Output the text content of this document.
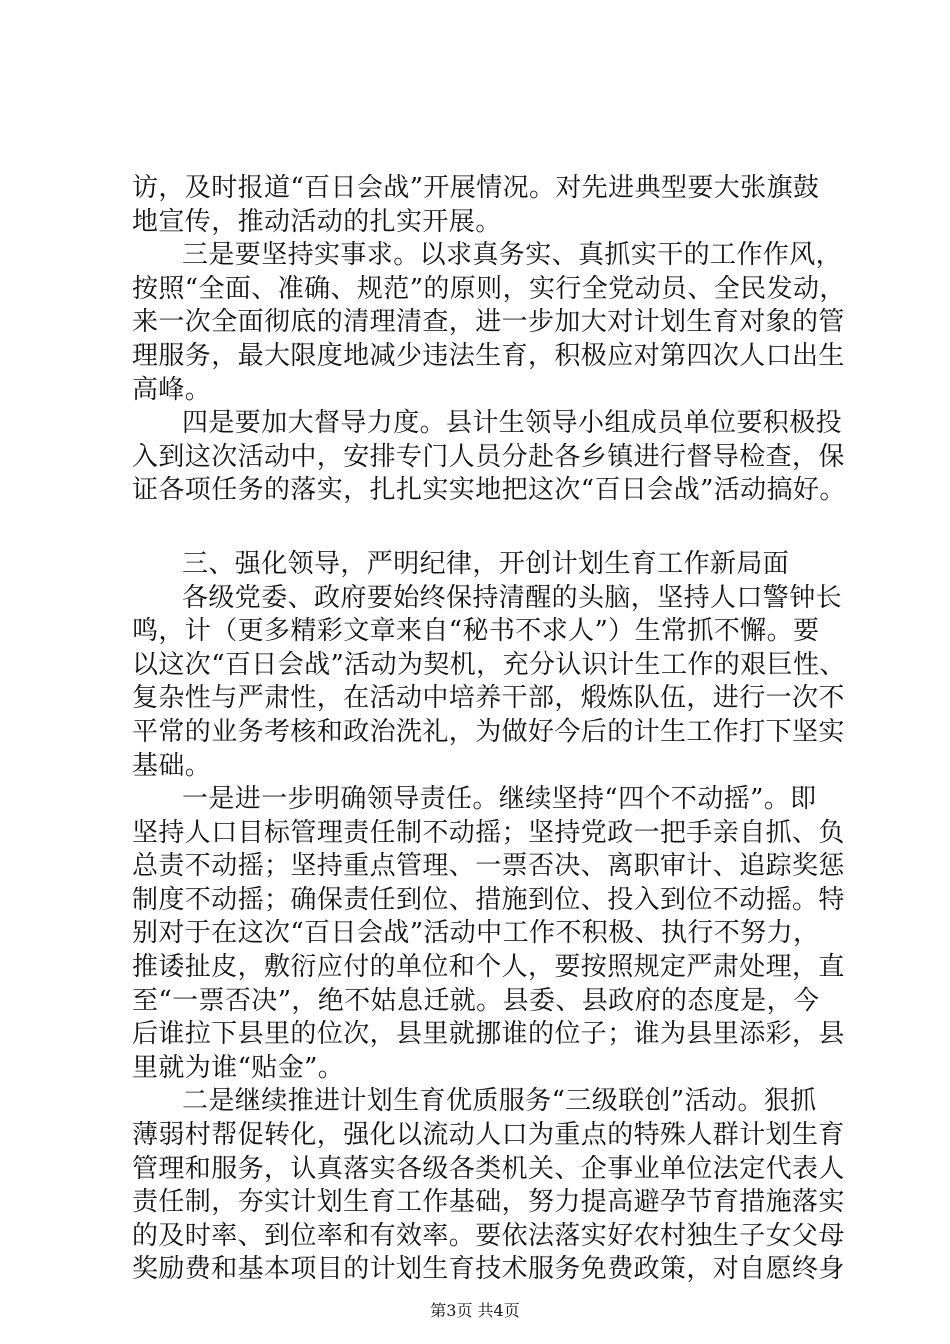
访，及时报道“百日会战”开展情况。对先进典型要大张旗鼓
地宣传，推动活动的扎实开展。
三是要坚持实事求。以求真务实、真抓实干的工作作风，
按照“全面、准确、规范”的原则，实行全党动员、全民发动，
来一次全面彻底的清理清查，进一步加大对计划生育对象的管
理服务，最大限度地减少违法生育，积极应对第四次人口出生
高峰。
四是要加大督导力度。县计生领导小组成员单位要积极投
入到这次活动中，安排专门人员分赴各乡镇进行督导检查，保
证各项任务的落实，扎扎实实地把这次“百日会战”活动搞好。
三、强化领导，严明纪律，开创计划生育工作新局面
各级党委、政府要始终保持清醒的头脑，坚持人口警钟长
鸣，计（更多精彩文章来自“秘书不求人”）生常抓不懈。要
以这次“百日会战”活动为契机，充分认识计生工作的艰巨性、
复杂性与严肃性，在活动中培养干部，煅炼队伍，进行一次不
平常的业务考核和政治洗礼，为做好今后的计生工作打下坚实
基础。
一是进一步明确领导责任。继续坚持“四个不动摇”。即
坚持人口目标管理责任制不动摇；坚持党政一把手亲自抓、负
总责不动摇；坚持重点管理、一票否决、离职审计、追踪奖惩
制度不动摇；确保责任到位、措施到位、投入到位不动摇。特
别对于在这次“百日会战”活动中工作不积极、执行不努力，
推诿扯皮，敷衍应付的单位和个人，要按照规定严肃处理，直
至“一票否决”，绝不姑息迁就。县委、县政府的态度是，今
后谁拉下县里的位次，县里就挪谁的位子；谁为县里添彩，县
里就为谁“贴金”。
二是继续推进计划生育优质服务“三级联创”活动。狠抓
薄弱村帮促转化，强化以流动人口为重点的特殊人群计划生育
管理和服务，认真落实各级各类机关、企事业单位法定代表人
责任制，夯实计划生育工作基础，努力提高避孕节育措施落实
的及时率、到位率和有效率。要依法落实好农村独生子女父母
奖励费和基本项目的计划生育技术服务免费政策，对自愿终身
第3页 共4页
